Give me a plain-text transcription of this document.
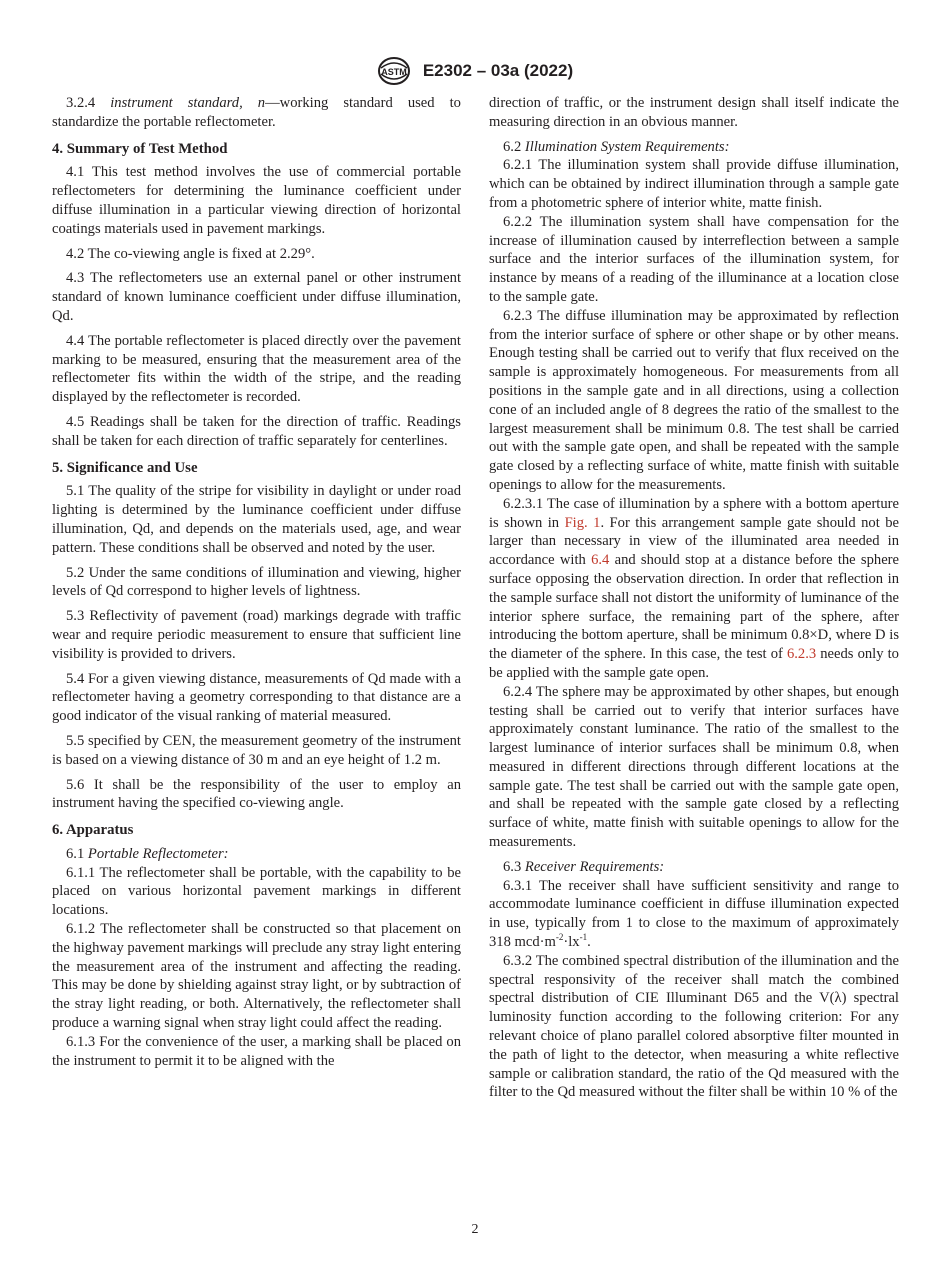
ASTM E2302 – 03a (2022)

3.2.4 instrument standard, n—working standard used to standardize the portable reflectometer.

4. Summary of Test Method

4.1 This test method involves the use of commercial portable reflectometers for determining the luminance coefficient under diffuse illumination in a particular viewing direction of horizontal coatings materials used in pavement markings.

4.2 The co-viewing angle is fixed at 2.29°.

4.3 The reflectometers use an external panel or other instrument standard of known luminance coefficient under diffuse illumination, Qd.

4.4 The portable reflectometer is placed directly over the pavement marking to be measured, ensuring that the measurement area of the reflectometer fits within the width of the stripe, and the reading displayed by the reflectometer is recorded.

4.5 Readings shall be taken for the direction of traffic. Readings shall be taken for each direction of traffic separately for centerlines.

5. Significance and Use

5.1 The quality of the stripe for visibility in daylight or under road lighting is determined by the luminance coefficient under diffuse illumination, Qd, and depends on the materials used, age, and wear pattern. These conditions shall be observed and noted by the user.

5.2 Under the same conditions of illumination and viewing, higher levels of Qd correspond to higher levels of lightness.

5.3 Reflectivity of pavement (road) markings degrade with traffic wear and require periodic measurement to ensure that sufficient line visibility is provided to drivers.

5.4 For a given viewing distance, measurements of Qd made with a reflectometer having a geometry corresponding to that distance are a good indicator of the visual ranking of material measured.

5.5 specified by CEN, the measurement geometry of the instrument is based on a viewing distance of 30 m and an eye height of 1.2 m.

5.6 It shall be the responsibility of the user to employ an instrument having the specified co-viewing angle.

6. Apparatus

6.1 Portable Reflectometer:

6.1.1 The reflectometer shall be portable, with the capability to be placed on various horizontal pavement markings in different locations.

6.1.2 The reflectometer shall be constructed so that placement on the highway pavement markings will preclude any stray light entering the measurement area of the instrument and affecting the reading. This may be done by shielding against stray light, or by subtraction of the stray light reading, or both. Alternatively, the reflectometer shall produce a warning signal when stray light could affect the reading.

6.1.3 For the convenience of the user, a marking shall be placed on the instrument to permit it to be aligned with the

direction of traffic, or the instrument design shall itself indicate the measuring direction in an obvious manner.

6.2 Illumination System Requirements:

6.2.1 The illumination system shall provide diffuse illumination, which can be obtained by indirect illumination through a sample gate from a photometric sphere of interior white, matte finish.

6.2.2 The illumination system shall have compensation for the increase of illumination caused by interreflection between a sample surface and the interior surfaces of the illumination system, for instance by means of a reading of the illuminance at a location close to the sample gate.

6.2.3 The diffuse illumination may be approximated by reflection from the interior surface of sphere or other shape or by other means. Enough testing shall be carried out to verify that flux received on the sample is approximately homogeneous. For measurements from all positions in the sample gate and in all directions, using a collection cone of an included angle of 8 degrees the ratio of the smallest to the largest measurement shall be minimum 0.8. The test shall be carried out with the sample gate open, and shall be repeated with the sample gate closed by a reflecting surface of white, matte finish with suitable openings to allow for the measurements.

6.2.3.1 The case of illumination by a sphere with a bottom aperture is shown in Fig. 1. For this arrangement sample gate should not be larger than necessary in view of the illuminated area needed in accordance with 6.4 and should stop at a distance before the sphere surface opposing the observation direction. In order that reflection in the sample surface shall not distort the uniformity of luminance of the interior sphere surface, the remaining part of the sphere, after introducing the bottom aperture, shall be minimum 0.8×D, where D is the diameter of the sphere. In this case, the test of 6.2.3 needs only to be applied with the sample gate open.

6.2.4 The sphere may be approximated by other shapes, but enough testing shall be carried out to verify that interior surfaces have approximately constant luminance. The ratio of the smallest to the largest luminance of interior surfaces shall be minimum 0.8, when measured in different directions through different locations at the sample gate. The test shall be carried out with the sample gate open, and shall be repeated with the sample gate closed by a reflecting surface of white, matte finish with suitable openings to allow for the measurements.

6.3 Receiver Requirements:

6.3.1 The receiver shall have sufficient sensitivity and range to accommodate luminance coefficient in diffuse illumination expected in use, typically from 1 to close to the maximum of approximately 318 $mcd\cdot m^{-2}\cdot lx^{-1}$.

6.3.2 The combined spectral distribution of the illumination and the spectral responsivity of the receiver shall match the combined spectral distribution of CIE Illuminant D65 and the V(λ) spectral luminosity function according to the following criterion: For any relevant choice of plano parallel colored absorptive filter mounted in the path of light to the detector, when measuring a white reflective sample or calibration standard, the ratio of the Qd measured with the filter to the Qd measured without the filter shall be within 10 % of the

2
